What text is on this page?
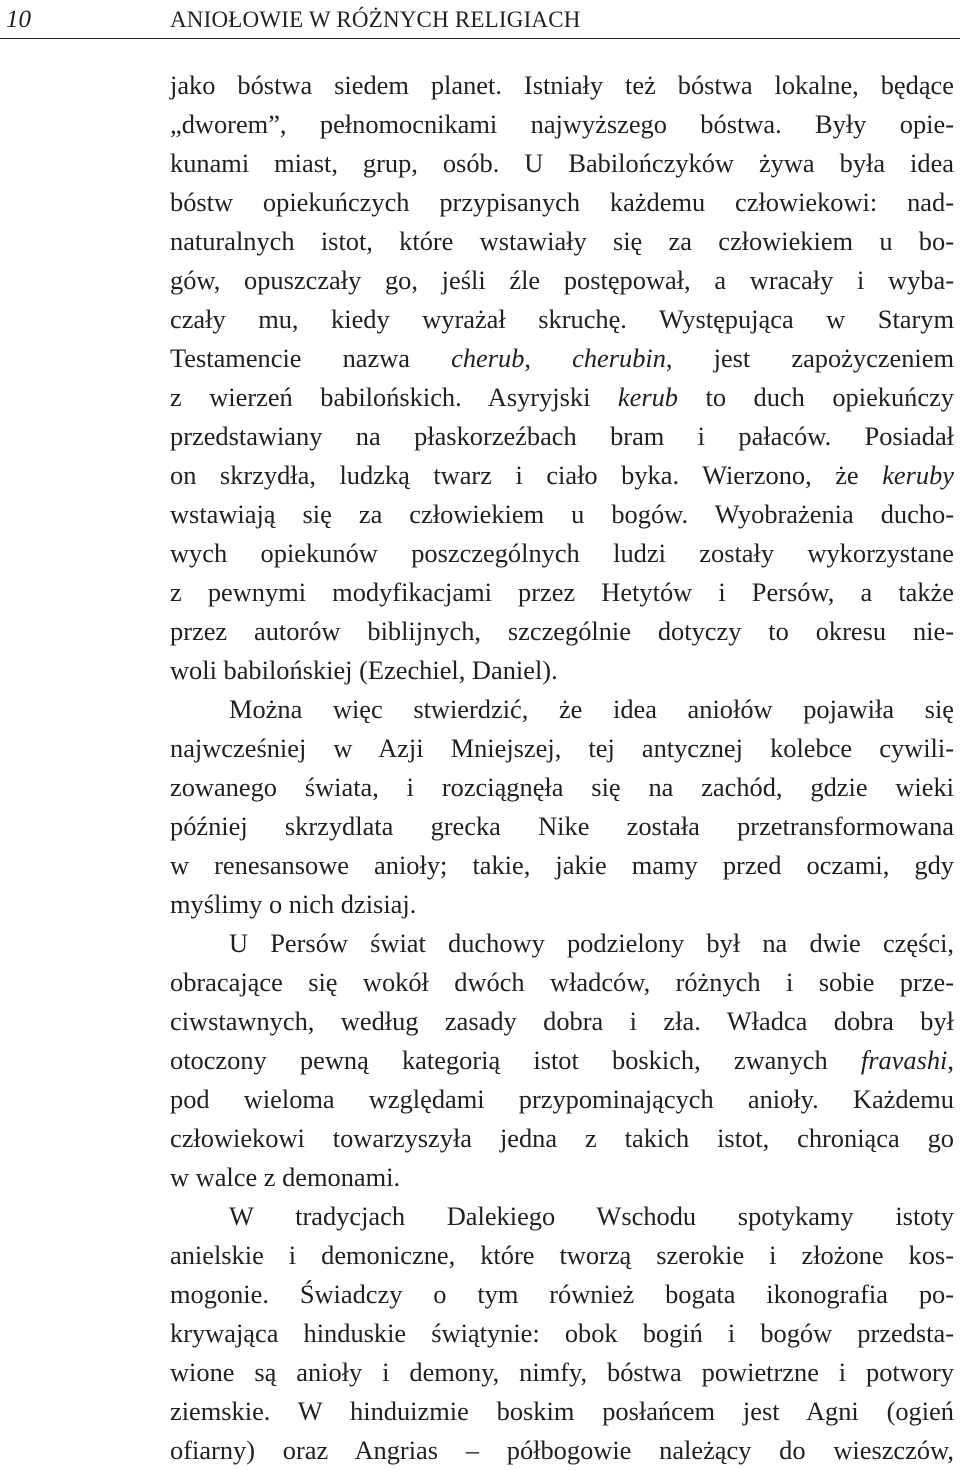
10	ANIOŁOWIE W RÓŻNYCH RELIGIACH
jako bóstwa siedem planet. Istniały też bóstwa lokalne, będące
„dworem”, pełnomocnikami najwyższego bóstwa. Były opie-
kunami miast, grup, osób. U Babilończyków żywa była idea
bóstw opiekuńczych przypisanych każdemu człowiekowi: nad-
naturalnych istot, które wstawiały się za człowiekiem u bo-
gów, opuszczały go, jeśli źle postępował, a wracały i wyba-
czały mu, kiedy wyrażał skruchę. Występująca w Starym
Testamencie nazwa cherub, cherubin, jest zapożyczeniem
z wierzeń babilońskich. Asyryjski kerub to duch opiekuńczy
przedstawiany na płaskorzeźbach bram i pałaców. Posiadał
on skrzydła, ludzką twarz i ciało byka. Wierzono, że keruby
wstawiają się za człowiekiem u bogów. Wyobrażenia ducho-
wych opiekunów poszczególnych ludzi zostały wykorzystane
z pewnymi modyfikacjami przez Hetytów i Persów, a także
przez autorów biblijnych, szczególnie dotyczy to okresu nie-
woli babilońskiej (Ezechiel, Daniel).
Można więc stwierdzić, że idea aniołów pojawiła się
najwcześniej w Azji Mniejszej, tej antycznej kolebce cywili-
zowanego świata, i rozciągnęła się na zachód, gdzie wieki
później skrzydlata grecka Nike została przetransformowana
w renesansowe anioły; takie, jakie mamy przed oczami, gdy
myślimy o nich dzisiaj.
U Persów świat duchowy podzielony był na dwie części,
obracające się wokół dwóch władców, różnych i sobie prze-
ciwstawnych, według zasady dobra i zła. Władca dobra był
otoczony pewną kategorią istot boskich, zwanych fravashi,
pod wieloma względami przypominających anioły. Każdemu
człowiekowi towarzyszyła jedna z takich istot, chroniąca go
w walce z demonami.
W tradycjach Dalekiego Wschodu spotykamy istoty
anielskie i demoniczne, które tworzą szerokie i złożone kos-
mogonie. Świadczy o tym również bogata ikonografia po-
krywająca hinduskie świątynie: obok bogiń i bogów przedsta-
wione są anioły i demony, nimfy, bóstwa powietrzne i potwory
ziemskie. W hinduizmie boskim posłańcem jest Agni (ogień
ofiarny) oraz Angrias – półbogowie należący do wieszczów,
